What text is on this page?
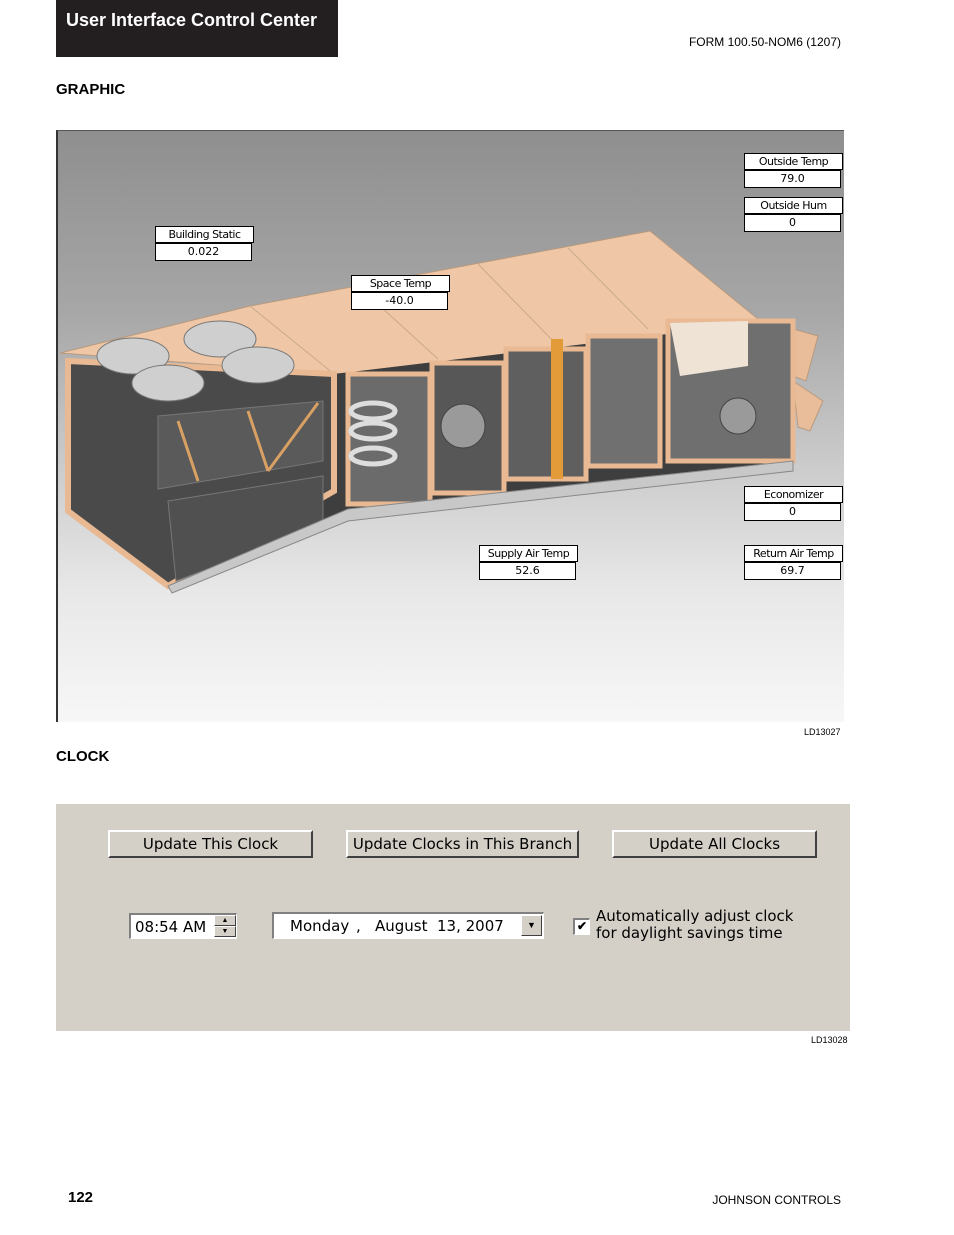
User Interface Control Center
FORM 100.50-NOM6 (1207)
GRAPHIC
Outside Temp
79.0
Outside Hum
0
Building Static
0.022
Space Temp
-40.0
Economizer
0
Supply Air Temp
52.6
Return Air Temp
69.7
LD13027
CLOCK
Update This Clock	Update Clocks in This Branch	Update All Clocks
08:54 AM	▲
▼	Monday , August 13, 2007	▼	✔
Automatically adjust clock for daylight savings time
LD13028
122	JOHNSON CONTROLS
